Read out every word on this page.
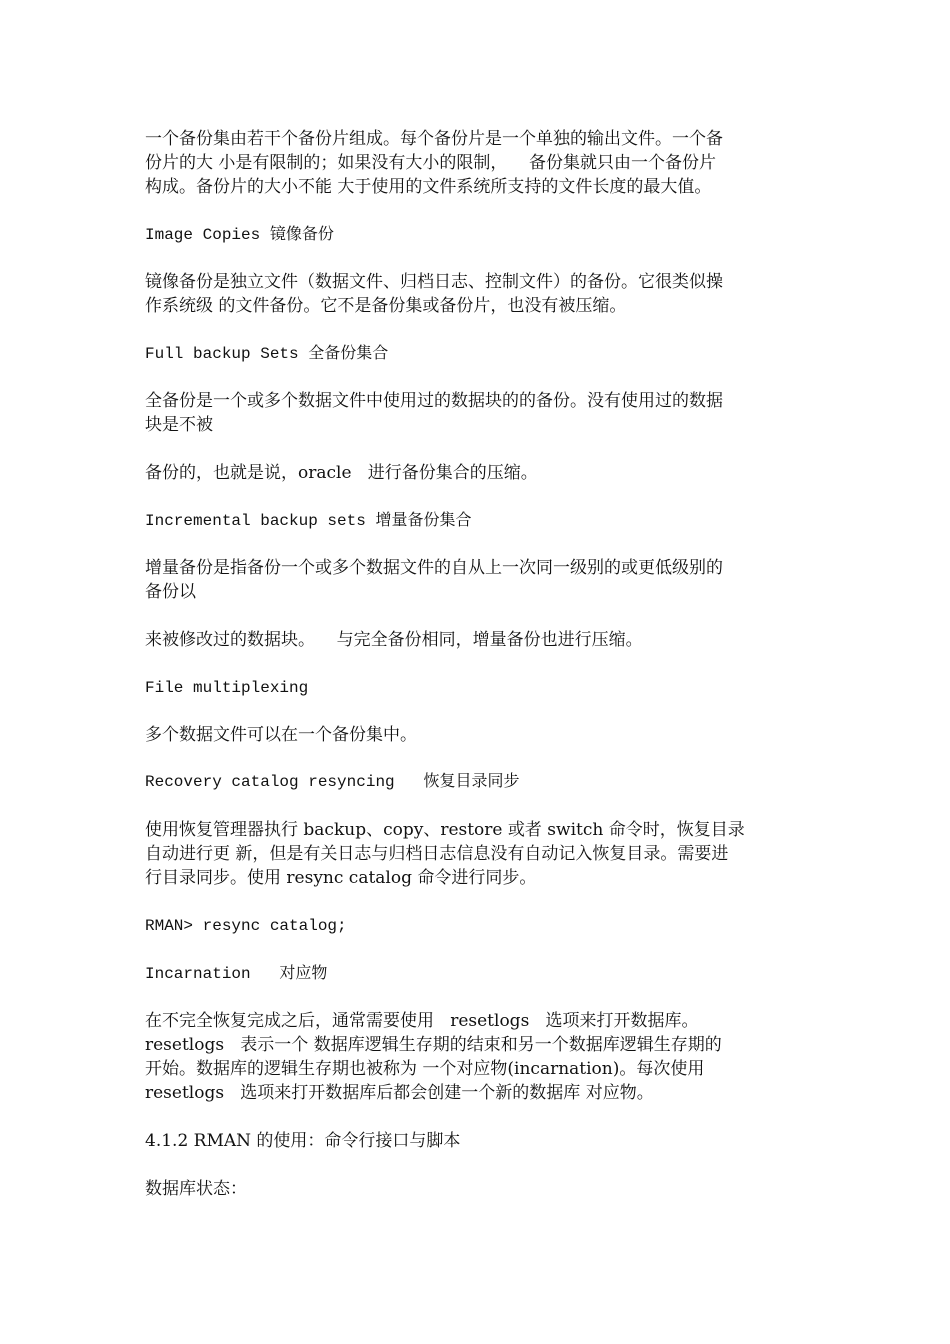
一个备份集由若干个备份片组成。每个备份片是一个单独的输出文件。一个备
份片的大 小是有限制的；如果没有大小的限制，    备份集就只由一个备份片
构成。备份片的大小不能 大于使用的文件系统所支持的文件长度的最大值。
Image Copies 镜像备份
镜像备份是独立文件（数据文件、归档日志、控制文件）的备份。它很类似操
作系统级 的文件备份。它不是备份集或备份片，也没有被压缩。
Full backup Sets 全备份集合
全备份是一个或多个数据文件中使用过的数据块的的备份。没有使用过的数据
块是不被
备份的，也就是说，oracle   进行备份集合的压缩。
Incremental backup sets 增量备份集合
增量备份是指备份一个或多个数据文件的自从上一次同一级别的或更低级别的
备份以
来被修改过的数据块。    与完全备份相同，增量备份也进行压缩。
File multiplexing
多个数据文件可以在一个备份集中。
Recovery catalog resyncing   恢复目录同步
使用恢复管理器执行 backup、copy、restore 或者 switch 命令时，恢复目录
自动进行更 新，但是有关日志与归档日志信息没有自动记入恢复目录。需要进
行目录同步。使用 resync catalog 命令进行同步。
RMAN> resync catalog;
Incarnation   对应物
在不完全恢复完成之后，通常需要使用   resetlogs   选项来打开数据库。
resetlogs   表示一个 数据库逻辑生存期的结束和另一个数据库逻辑生存期的
开始。数据库的逻辑生存期也被称为 一个对应物(incarnation)。每次使用
resetlogs   选项来打开数据库后都会创建一个新的数据库 对应物。
4.1.2 RMAN 的使用：命令行接口与脚本
数据库状态：
